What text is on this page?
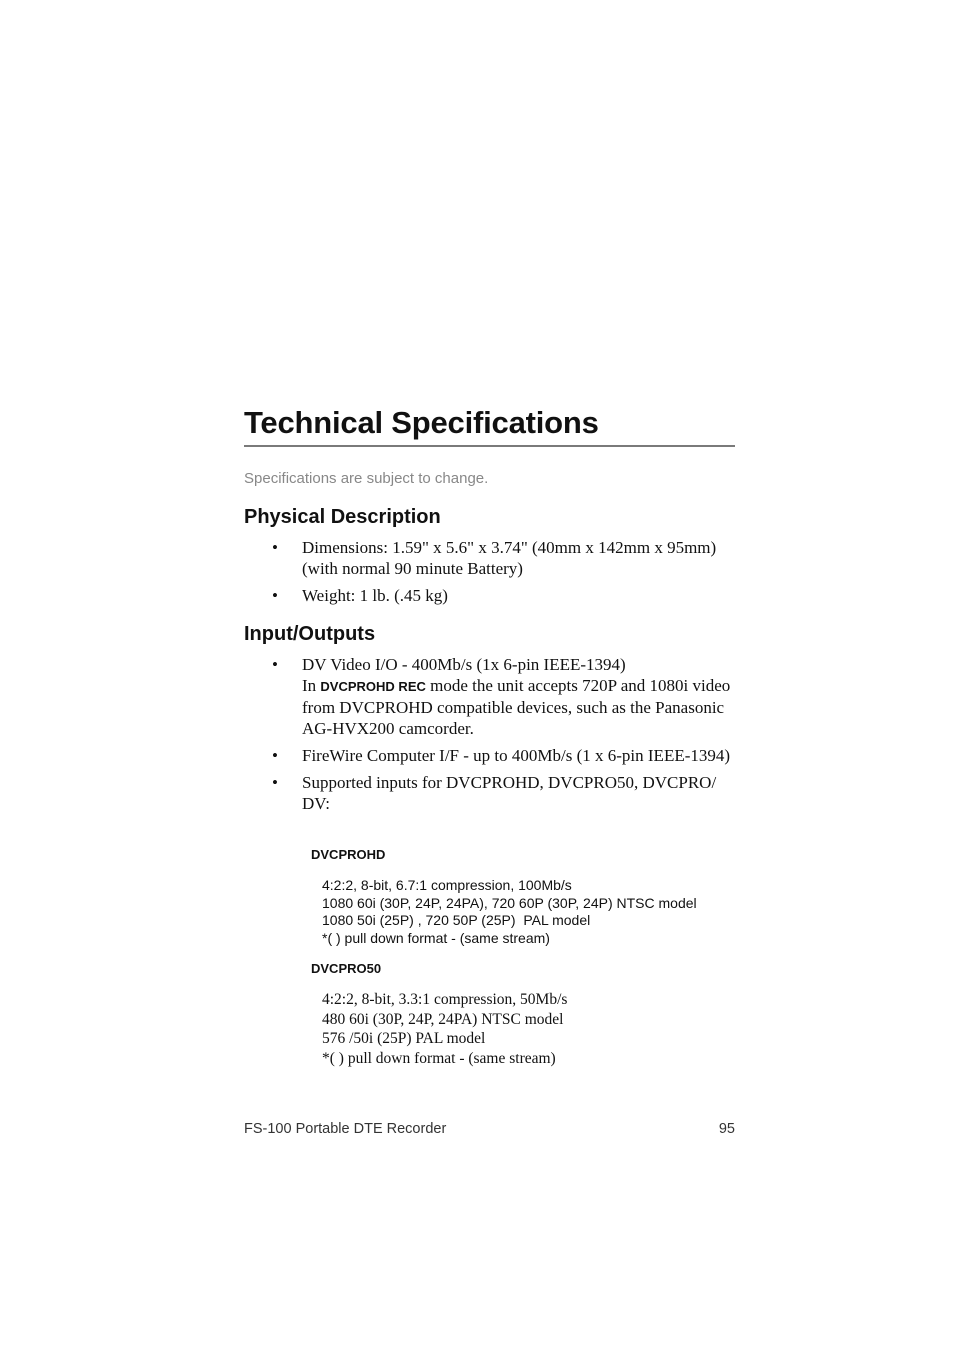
Technical Specifications
Specifications are subject to change.
Physical Description
• Dimensions: 1.59" x 5.6" x 3.74" (40mm x 142mm x 95mm)
(with normal 90 minute Battery)
• Weight: 1 lb. (.45 kg)
Input/Outputs
• DV Video I/O - 400Mb/s (1x 6-pin IEEE-1394)
In DVCPROHD REC mode the unit accepts 720P and 1080i video from DVCPROHD compatible devices, such as the Panasonic AG-HVX200 camcorder.
• FireWire Computer I/F - up to 400Mb/s (1 x 6-pin IEEE-1394)
• Supported inputs for DVCPROHD, DVCPRO50, DVCPRO/ DV:
DVCPROHD
4:2:2, 8-bit, 6.7:1 compression, 100Mb/s
1080 60i (30P, 24P, 24PA), 720 60P (30P, 24P) NTSC model
1080 50i (25P) , 720 50P (25P)  PAL model
*( ) pull down format - (same stream)
DVCPRO50
4:2:2, 8-bit, 3.3:1 compression, 50Mb/s
480 60i (30P, 24P, 24PA) NTSC model
576 /50i (25P) PAL model
*( ) pull down format - (same stream)
FS-100 Portable DTE Recorder	95
